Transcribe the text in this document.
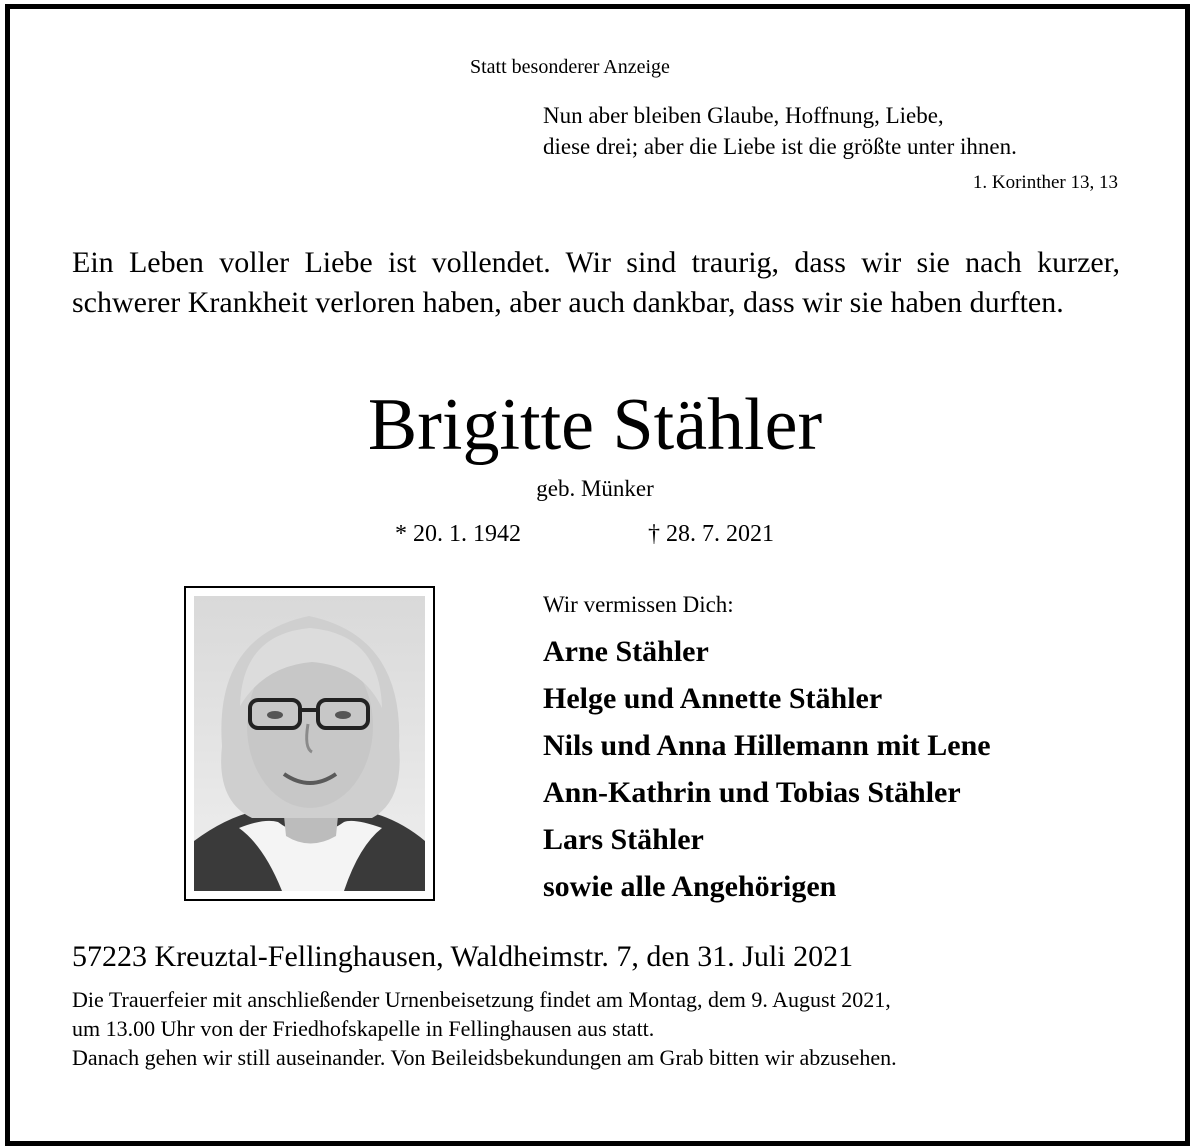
Statt besonderer Anzeige
Nun aber bleiben Glaube, Hoffnung, Liebe,
diese drei; aber die Liebe ist die größte unter ihnen.
1. Korinther 13, 13
Ein Leben voller Liebe ist vollendet. Wir sind traurig, dass wir sie nach kurzer, schwerer Krankheit verloren haben, aber auch dankbar, dass wir sie haben durften.
Brigitte Stähler
geb. Münker
* 20. 1. 1942	† 28. 7. 2021
Wir vermissen Dich:
Arne Stähler
Helge und Annette Stähler
Nils und Anna Hillemann mit Lene
Ann-Kathrin und Tobias Stähler
Lars Stähler
sowie alle Angehörigen
57223 Kreuztal-Fellinghausen, Waldheimstr. 7, den 31. Juli 2021
Die Trauerfeier mit anschließender Urnenbeisetzung findet am Montag, dem 9. August 2021,
um 13.00 Uhr von der Friedhofskapelle in Fellinghausen aus statt.
Danach gehen wir still auseinander. Von Beileidsbekundungen am Grab bitten wir abzusehen.
